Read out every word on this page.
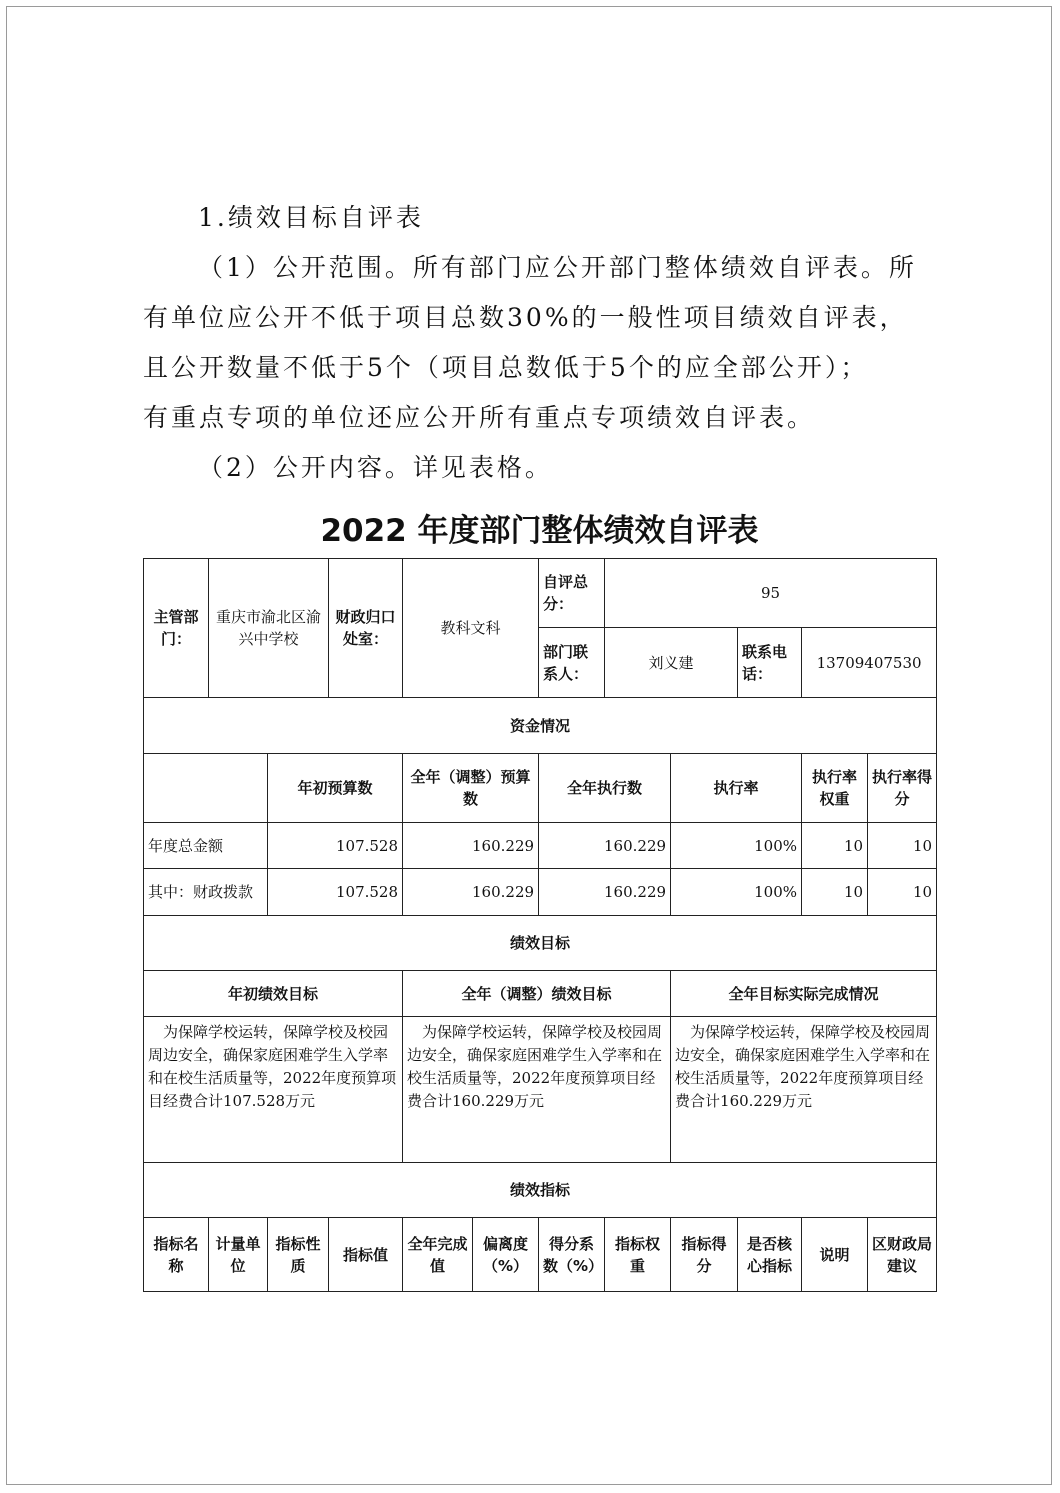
1.绩效目标自评表
（1）公开范围。所有部门应公开部门整体绩效自评表。所
有单位应公开不低于项目总数30%的一般性项目绩效自评表，
且公开数量不低于5个（项目总数低于5个的应全部公开）；
有重点专项的单位还应公开所有重点专项绩效自评表。
（2）公开内容。详见表格。
2022 年度部门整体绩效自评表
主管部门：	重庆市渝北区渝兴中学校		财政归口处室：	教科文科		自评总分：	95				
						部门联系人：	刘义建		联系电话：	13709407530	
资金情况											
		年初预算数		全年（调整）预算数		全年执行数		执行率		执行率权重	执行率得分
年度总金额		107.528		160.229		160.229		100%		10	10
其中：财政拨款		107.528		160.229		160.229		100%		10	10
绩效目标											
年初绩效目标				全年（调整）绩效目标				全年目标实际完成情况			
为保障学校运转，保障学校及校园周边安全，确保家庭困难学生入学率和在校生活质量等，2022年度预算项目经费合计107.528万元				为保障学校运转，保障学校及校园周边安全，确保家庭困难学生入学率和在校生活质量等，2022年度预算项目经费合计160.229万元				为保障学校运转，保障学校及校园周边安全，确保家庭困难学生入学率和在校生活质量等，2022年度预算项目经费合计160.229万元			
绩效指标											
指标名称	计量单位	指标性质	指标值	全年完成值	偏离度（%）	得分系数（%）	指标权重	指标得分	是否核心指标	说明	区财政局建议
